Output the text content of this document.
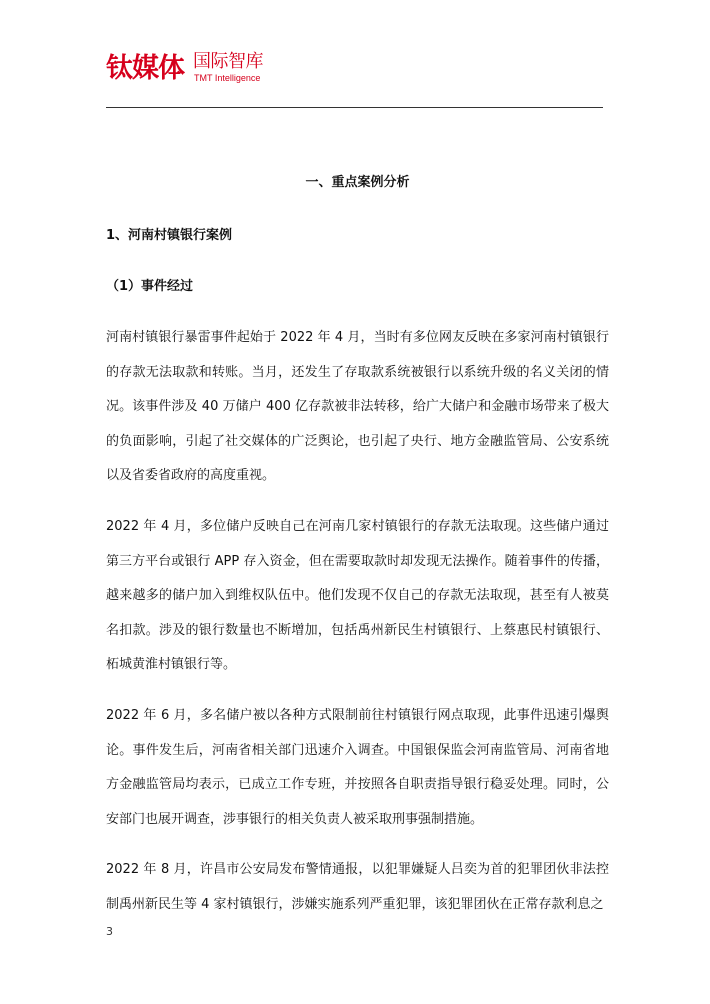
钛媒体 国际智库
TMT Intelligence

一、重点案例分析

1、河南村镇银行案例

（1）事件经过

河南村镇银行暴雷事件起始于 2022 年 4 月，当时有多位网友反映在多家河南村镇银行的存款无法取款和转账。当月，还发生了存取款系统被银行以系统升级的名义关闭的情况。该事件涉及 40 万储户 400 亿存款被非法转移，给广大储户和金融市场带来了极大的负面影响，引起了社交媒体的广泛舆论，也引起了央行、地方金融监管局、公安系统以及省委省政府的高度重视。

2022 年 4 月，多位储户反映自己在河南几家村镇银行的存款无法取现。这些储户通过第三方平台或银行 APP 存入资金，但在需要取款时却发现无法操作。随着事件的传播，越来越多的储户加入到维权队伍中。他们发现不仅自己的存款无法取现，甚至有人被莫名扣款。涉及的银行数量也不断增加，包括禹州新民生村镇银行、上蔡惠民村镇银行、柘城黄淮村镇银行等。

2022 年 6 月，多名储户被以各种方式限制前往村镇银行网点取现，此事件迅速引爆舆论。事件发生后，河南省相关部门迅速介入调查。中国银保监会河南监管局、河南省地方金融监管局均表示，已成立工作专班，并按照各自职责指导银行稳妥处理。同时，公安部门也展开调查，涉事银行的相关负责人被采取刑事强制措施。

2022 年 8 月，许昌市公安局发布警情通报，以犯罪嫌疑人吕奕为首的犯罪团伙非法控制禹州新民生等 4 家村镇银行，涉嫌实施系列严重犯罪，该犯罪团伙在正常存款利息之

3
